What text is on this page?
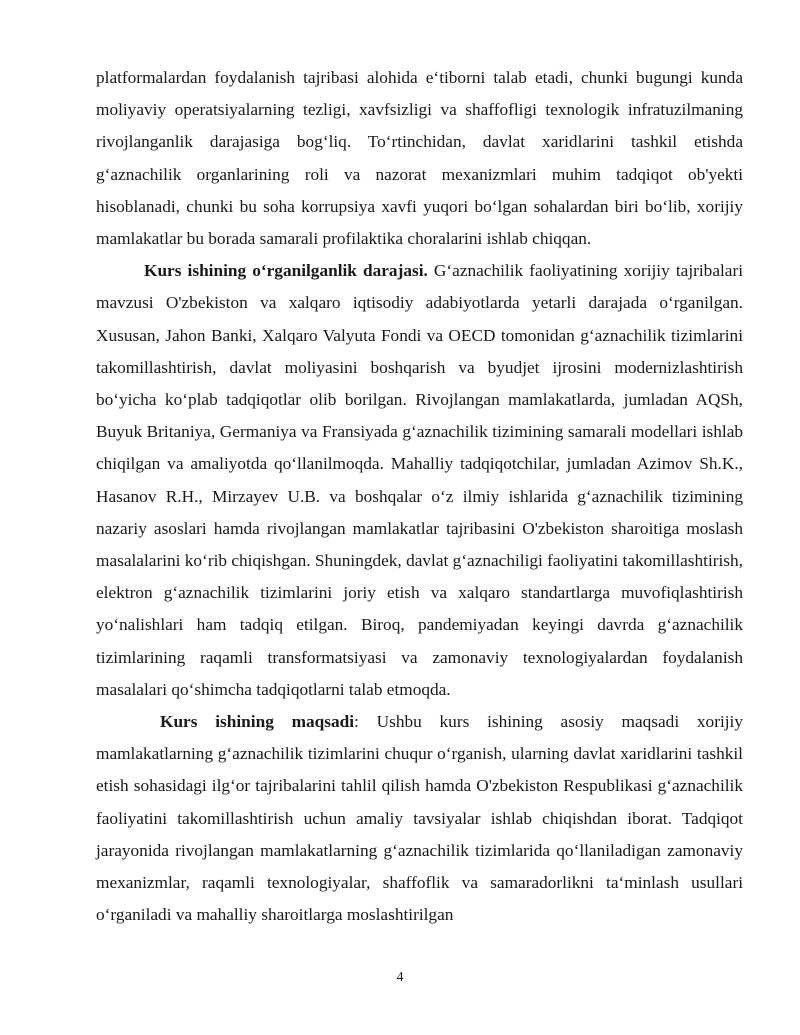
platformalardan foydalanish tajribasi alohida e‘tiborni talab etadi, chunki bugungi kunda moliyaviy operatsiyalarning tezligi, xavfsizligi va shaffofligi texnologik infratuzilmaning rivojlanganlik darajasiga bog‘liq. To‘rtinchidan, davlat xaridlarini tashkil etishda g‘aznachilik organlarining roli va nazorat mexanizmlari muhim tadqiqot ob'yekti hisoblanadi, chunki bu soha korrupsiya xavfi yuqori bo‘lgan sohalardan biri bo‘lib, xorijiy mamlakatlar bu borada samarali profilaktika choralarini ishlab chiqqan.

Kurs ishining o‘rganilganlik darajasi. G‘aznachilik faoliyatining xorijiy tajribalari mavzusi O'zbekiston va xalqaro iqtisodiy adabiyotlarda yetarli darajada o‘rganilgan. Xususan, Jahon Banki, Xalqaro Valyuta Fondi va OECD tomonidan g‘aznachilik tizimlarini takomillashtirish, davlat moliyasini boshqarish va byudjet ijrosini modernizlashtirish bo‘yicha ko‘plab tadqiqotlar olib borilgan. Rivojlangan mamlakatlarda, jumladan AQSh, Buyuk Britaniya, Germaniya va Fransiyada g‘aznachilik tizimining samarali modellari ishlab chiqilgan va amaliyotda qo‘llanilmoqda. Mahalliy tadqiqotchilar, jumladan Azimov Sh.K., Hasanov R.H., Mirzayev U.B. va boshqalar o‘z ilmiy ishlarida g‘aznachilik tizimining nazariy asoslari hamda rivojlangan mamlakatlar tajribasini O'zbekiston sharoitiga moslash masalalarini ko‘rib chiqishgan. Shuningdek, davlat g‘aznachiligi faoliyatini takomillashtirish, elektron g‘aznachilik tizimlarini joriy etish va xalqaro standartlarga muvofiqlashtirish yo‘nalishlari ham tadqiq etilgan. Biroq, pandemiyadan keyingi davrda g‘aznachilik tizimlarining raqamli transformatsiyasi va zamonaviy texnologiyalardan foydalanish masalalari qo‘shimcha tadqiqotlarni talab etmoqda.

Kurs ishining maqsadi: Ushbu kurs ishining asosiy maqsadi xorijiy mamlakatlarning g‘aznachilik tizimlarini chuqur o‘rganish, ularning davlat xaridlarini tashkil etish sohasidagi ilg‘or tajribalarini tahlil qilish hamda O'zbekiston Respublikasi g‘aznachilik faoliyatini takomillashtirish uchun amaliy tavsiyalar ishlab chiqishdan iborat. Tadqiqot jarayonida rivojlangan mamlakatlarning g‘aznachilik tizimlarida qo‘llaniladigan zamonaviy mexanizmlar, raqamli texnologiyalar, shaffoflik va samaradorlikni ta‘minlash usullari o‘rganiladi va mahalliy sharoitlarga moslashtirilgan

4
